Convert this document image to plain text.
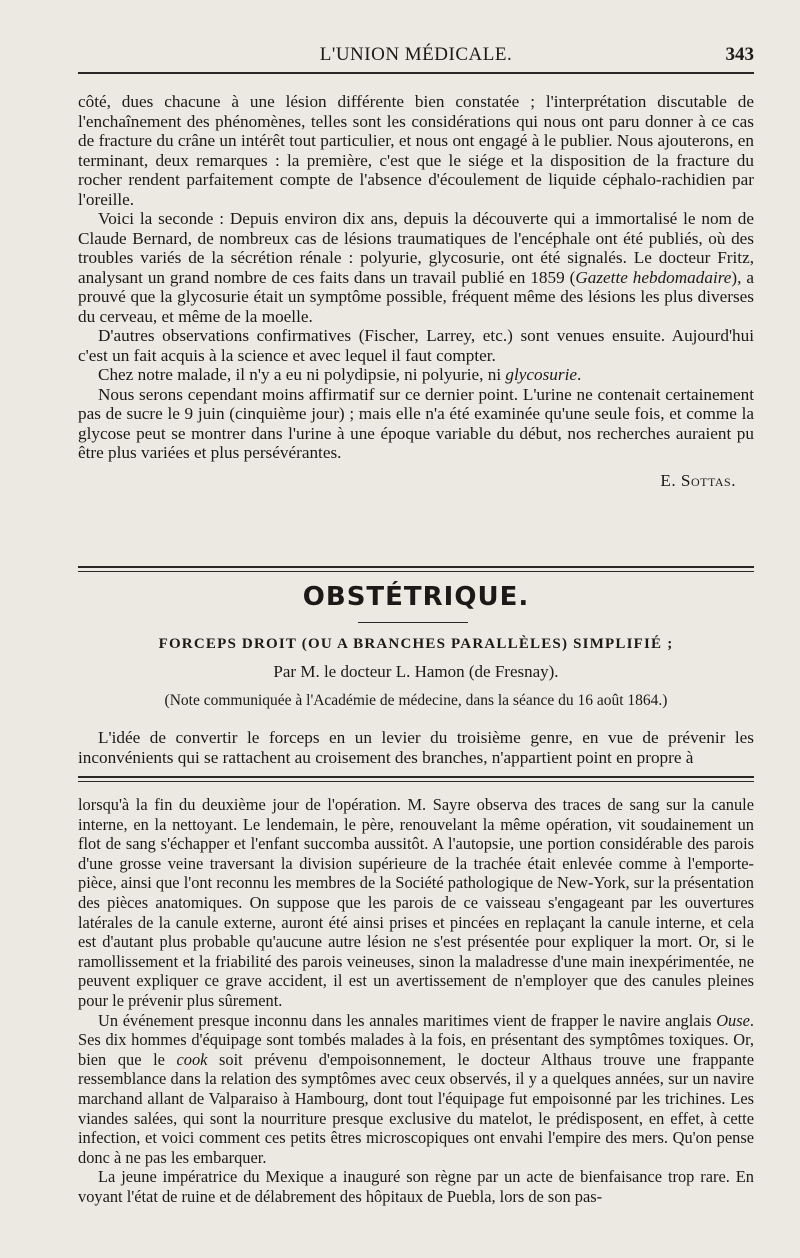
L'UNION MÉDICALE.	343

côté, dues chacune à une lésion différente bien constatée ; l'interprétation discutable de l'enchaînement des phénomènes, telles sont les considérations qui nous ont paru donner à ce cas de fracture du crâne un intérêt tout particulier, et nous ont engagé à le publier. Nous ajouterons, en terminant, deux remarques : la première, c'est que le siége et la disposition de la fracture du rocher rendent parfaitement compte de l'absence d'écoulement de liquide céphalo-rachidien par l'oreille.

Voici la seconde : Depuis environ dix ans, depuis la découverte qui a immortalisé le nom de Claude Bernard, de nombreux cas de lésions traumatiques de l'encéphale ont été publiés, où des troubles variés de la sécrétion rénale : polyurie, glycosurie, ont été signalés. Le docteur Fritz, analysant un grand nombre de ces faits dans un travail publié en 1859 (Gazette hebdomadaire), a prouvé que la glycosurie était un symptôme possible, fréquent même des lésions les plus diverses du cerveau, et même de la moelle.

D'autres observations confirmatives (Fischer, Larrey, etc.) sont venues ensuite. Aujourd'hui c'est un fait acquis à la science et avec lequel il faut compter.

Chez notre malade, il n'y a eu ni polydipsie, ni polyurie, ni glycosurie.

Nous serons cependant moins affirmatif sur ce dernier point. L'urine ne contenait certainement pas de sucre le 9 juin (cinquième jour) ; mais elle n'a été examinée qu'une seule fois, et comme la glycose peut se montrer dans l'urine à une époque variable du début, nos recherches auraient pu être plus variées et plus persévérantes.

E. Sottas.
OBSTÉTRIQUE.
FORCEPS DROIT (OU A BRANCHES PARALLÈLES) SIMPLIFIÉ ;
Par M. le docteur L. Hamon (de Fresnay).
(Note communiquée à l'Académie de médecine, dans la séance du 16 août 1864.)

L'idée de convertir le forceps en un levier du troisième genre, en vue de prévenir les inconvénients qui se rattachent au croisement des branches, n'appartient point en propre à

lorsqu'à la fin du deuxième jour de l'opération. M. Sayre observa des traces de sang sur la canule interne, en la nettoyant. Le lendemain, le père, renouvelant la même opération, vit soudainement un flot de sang s'échapper et l'enfant succomba aussitôt. A l'autopsie, une portion considérable des parois d'une grosse veine traversant la division supérieure de la trachée était enlevée comme à l'emporte-pièce, ainsi que l'ont reconnu les membres de la Société pathologique de New-York, sur la présentation des pièces anatomiques. On suppose que les parois de ce vaisseau s'engageant par les ouvertures latérales de la canule externe, auront été ainsi prises et pincées en replaçant la canule interne, et cela est d'autant plus probable qu'aucune autre lésion ne s'est présentée pour expliquer la mort. Or, si le ramollissement et la friabilité des parois veineuses, sinon la maladresse d'une main inexpérimentée, ne peuvent expliquer ce grave accident, il est un avertissement de n'employer que des canules pleines pour le prévenir plus sûrement.

Un événement presque inconnu dans les annales maritimes vient de frapper le navire anglais Ouse. Ses dix hommes d'équipage sont tombés malades à la fois, en présentant des symptômes toxiques. Or, bien que le cook soit prévenu d'empoisonnement, le docteur Althaus trouve une frappante ressemblance dans la relation des symptômes avec ceux observés, il y a quelques années, sur un navire marchand allant de Valparaiso à Hambourg, dont tout l'équipage fut empoisonné par les trichines. Les viandes salées, qui sont la nourriture presque exclusive du matelot, le prédisposent, en effet, à cette infection, et voici comment ces petits êtres microscopiques ont envahi l'empire des mers. Qu'on pense donc à ne pas les embarquer.

La jeune impératrice du Mexique a inauguré son règne par un acte de bienfaisance trop rare. En voyant l'état de ruine et de délabrement des hôpitaux de Puebla, lors de son pas-
